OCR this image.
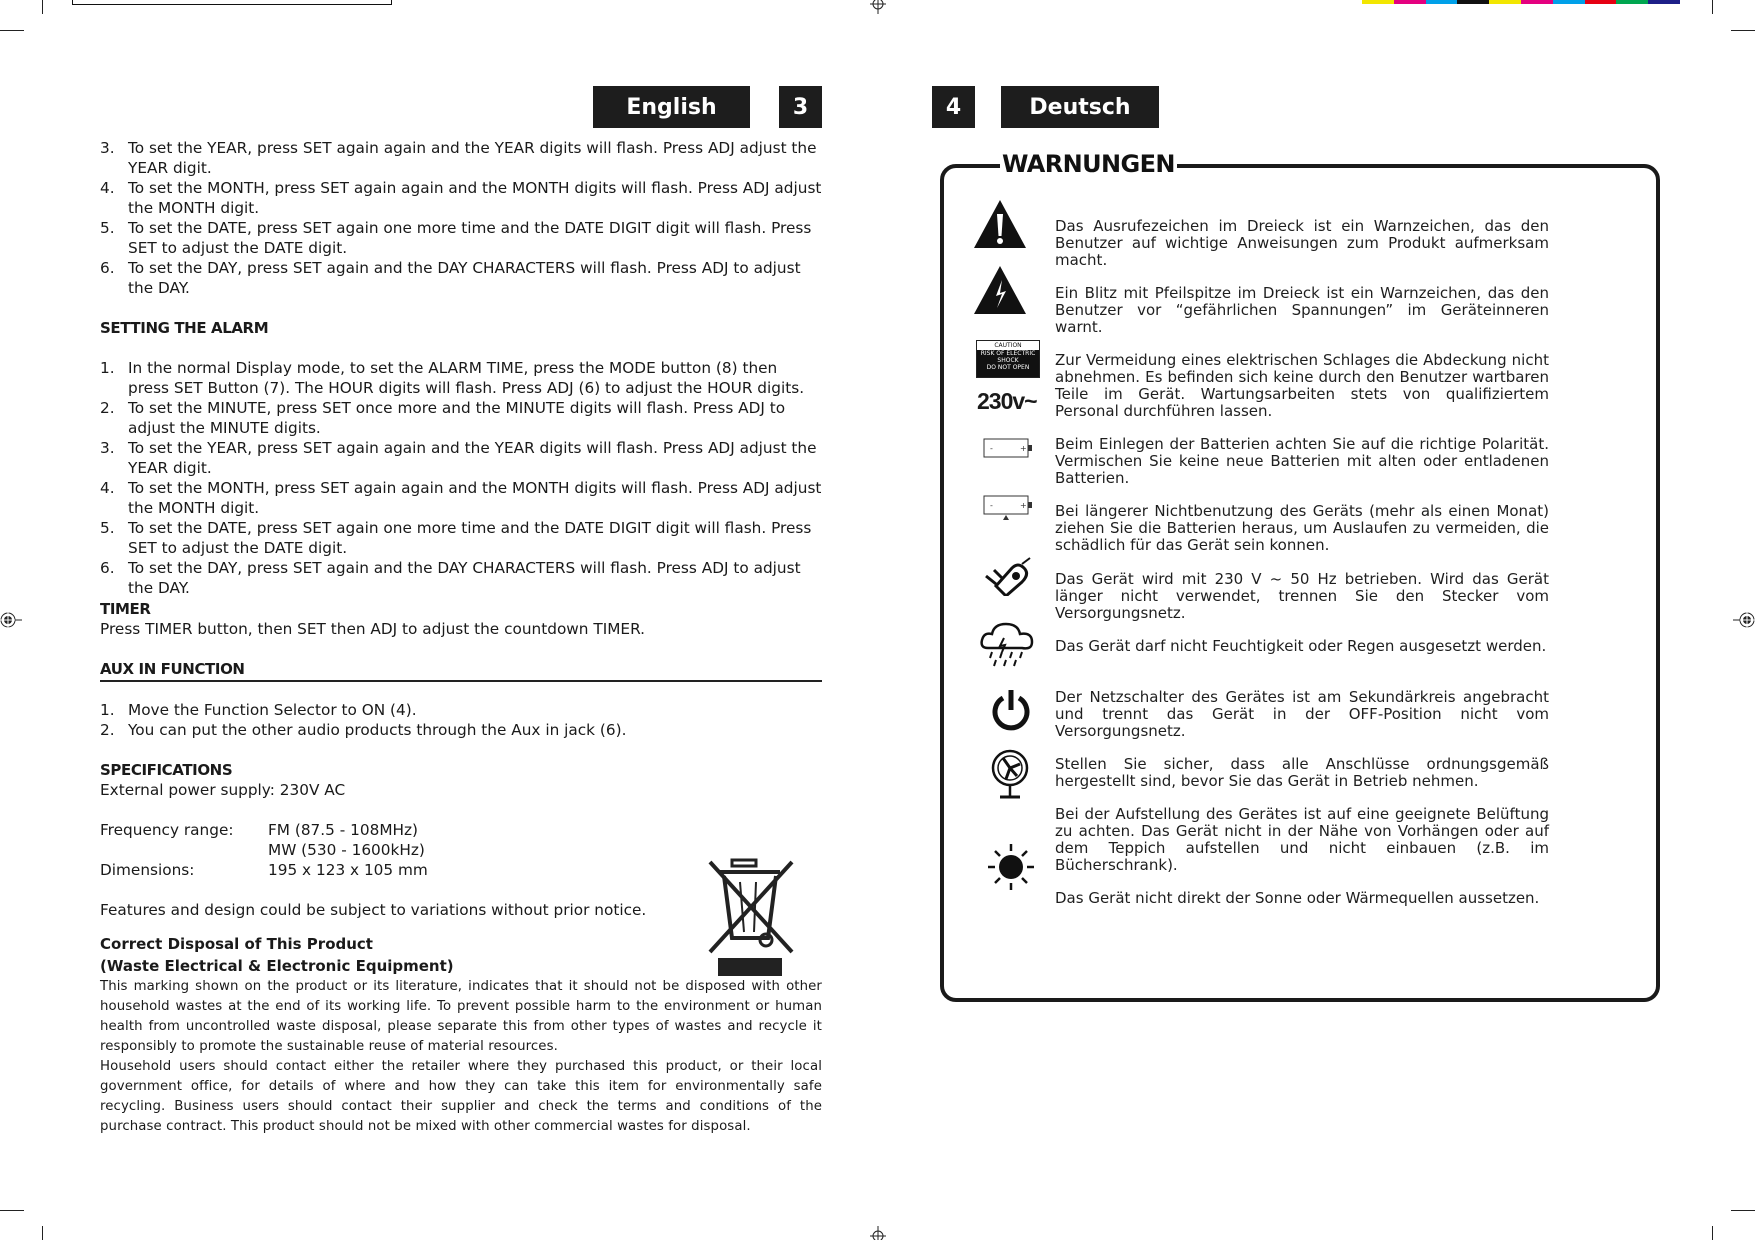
English	3	4	Deutsch
3. To set the YEAR, press SET again again and the YEAR digits will flash. Press ADJ adjust the YEAR digit.
4. To set the MONTH, press SET again again and the MONTH digits will flash. Press ADJ adjust the MONTH digit.
5. To set the DATE, press SET again one more time and the DATE DIGIT digit will flash. Press SET to adjust the DATE digit.
6. To set the DAY, press SET again and the DAY CHARACTERS will flash. Press ADJ to adjust the DAY.
SETTING THE ALARM
1. In the normal Display mode, to set the ALARM TIME, press the MODE button (8) then press SET Button (7). The HOUR digits will flash. Press ADJ (6) to adjust the HOUR digits.
2. To set the MINUTE, press SET once more and the MINUTE digits will flash. Press ADJ to adjust the MINUTE digits.
3. To set the YEAR, press SET again again and the YEAR digits will flash. Press ADJ adjust the YEAR digit.
4. To set the MONTH, press SET again again and the MONTH digits will flash. Press ADJ adjust the MONTH digit.
5. To set the DATE, press SET again one more time and the DATE DIGIT digit will flash. Press SET to adjust the DATE digit.
6. To set the DAY, press SET again and the DAY CHARACTERS will flash. Press ADJ to adjust the DAY.
TIMER
Press TIMER button, then SET then ADJ to adjust the countdown TIMER.
AUX IN FUNCTION
1. Move the Function Selector to ON (4).
2. You can put the other audio products through the Aux in jack (6).
SPECIFICATIONS
External power supply: 230V AC
Frequency range:	FM (87.5 - 108MHz)
MW (530 - 1600kHz)
Dimensions:	195 x 123 x 105 mm
Features and design could be subject to variations without prior notice.
Correct Disposal of This Product
(Waste Electrical & Electronic Equipment)
This marking shown on the product or its literature, indicates that it should not be disposed with other household wastes at the end of its working life. To prevent possible harm to the environment or human health from uncontrolled waste disposal, please separate this from other types of wastes and recycle it responsibly to promote the sustainable reuse of material resources.
Household users should contact either the retailer where they purchased this product, or their local government office, for details of where and how they can take this item for environmentally safe recycling. Business users should contact their supplier and check the terms and conditions of the purchase contract. This product should not be mixed with other commercial wastes for disposal.
WARNUNGEN
CAUTION
RISK OF ELECTRIC
SHOCK
DO NOT OPEN
230v~
-	+
-	+
Das Ausrufezeichen im Dreieck ist ein Warnzeichen, das den Benutzer auf wichtige Anweisungen zum Produkt aufmerksam macht.
Ein Blitz mit Pfeilspitze im Dreieck ist ein Warnzeichen, das den Benutzer vor “gefährlichen Spannungen” im Geräteinneren warnt.
Zur Vermeidung eines elektrischen Schlages die Abdeckung nicht abnehmen. Es befinden sich keine durch den Benutzer wartbaren Teile im Gerät. Wartungsarbeiten stets von qualifiziertem Personal durchführen lassen.
Beim Einlegen der Batterien achten Sie auf die richtige Polarität. Vermischen Sie keine neue Batterien mit alten oder entladenen Batterien.
Bei längerer Nichtbenutzung des Geräts (mehr als einen Monat) ziehen Sie die Batterien heraus, um Auslaufen zu vermeiden, die schädlich für das Gerät sein konnen.
Das Gerät wird mit 230 V ~ 50 Hz betrieben. Wird das Gerät länger nicht verwendet, trennen Sie den Stecker vom Versorgungsnetz.
Das Gerät darf nicht Feuchtigkeit oder Regen ausgesetzt werden.
Der Netzschalter des Gerätes ist am Sekundärkreis angebracht und trennt das Gerät in der OFF-Position nicht vom Versorgungsnetz.
Stellen Sie sicher, dass alle Anschlüsse ordnungsgemäß hergestellt sind, bevor Sie das Gerät in Betrieb nehmen.
Bei der Aufstellung des Gerätes ist auf eine geeignete Belüftung zu achten. Das Gerät nicht in der Nähe von Vorhängen oder auf dem Teppich aufstellen und nicht einbauen (z.B. im Bücherschrank).
Das Gerät nicht direkt der Sonne oder Wärmequellen aussetzen.
